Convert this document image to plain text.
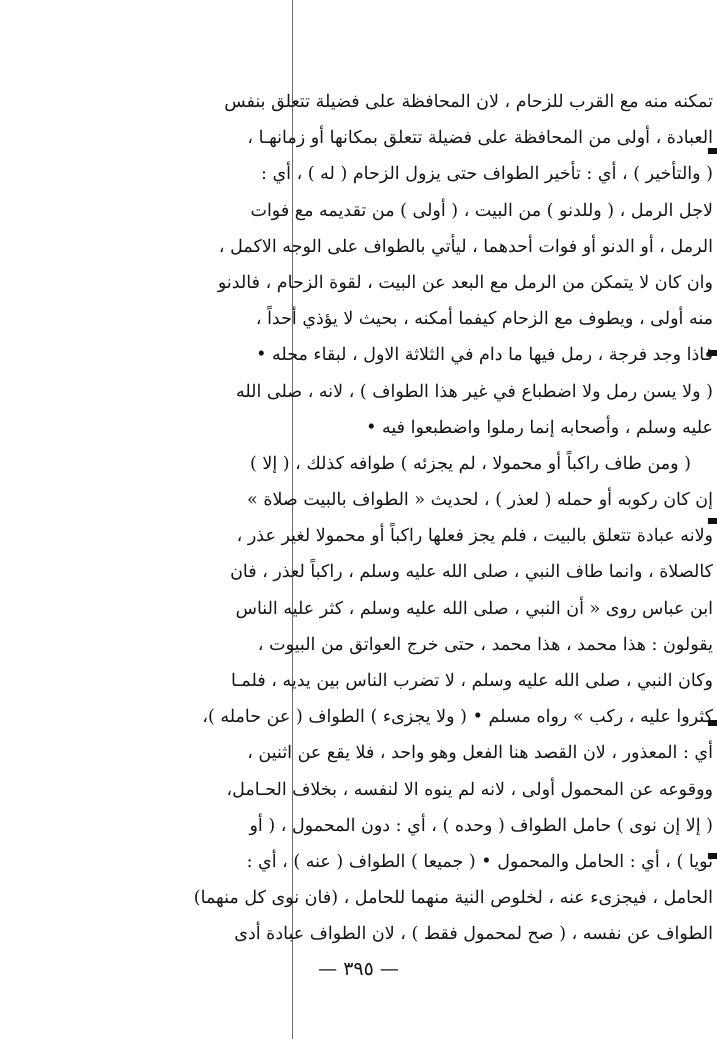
تمكنه منه مع القرب للزحام ، لان المحافظة على فضيلة تتعلق بنفس
العبادة ، أولى من المحافظة على فضيلة تتعلق بمكانها أو زمانهـا ،
( والتأخير ) ، أي : تأخير الطواف حتى يزول الزحام ( له ) ، أي :
لاجل الرمل ، ( وللدنو ) من البيت ، ( أولى ) من تقديمه مع فوات
الرمل ، أو الدنو أو فوات أحدهما ، ليأتي بالطواف على الوجه الاكمل ،
وان كان لا يتمكن من الرمل مع البعد عن البيت ، لقوة الزحام ، فالدنو
منه أولى ، ويطوف مع الزحام كيفما أمكنه ، بحيث لا يؤذي أحداً ،
فاذا وجد فرجة ، رمل فيها ما دام في الثلاثة الاول ، لبقاء محله •
( ولا يسن رمل ولا اضطباع في غير هذا الطواف ) ، لانه ، صلى الله
عليه وسلم ، وأصحابه إنما رملوا واضطبعوا فيه •
( ومن طاف راكباً أو محمولا ، لم يجزئه ) طوافه كذلك ، ( إلا )
إن كان ركوبه أو حمله ( لعذر ) ، لحديث « الطواف بالبيت صلاة »
ولانه عبادة تتعلق بالبيت ، فلم يجز فعلها راكباً أو محمولا لغير عذر ،
كالصلاة ، وانما طاف النبي ، صلى الله عليه وسلم ، راكباً لعذر ، فان
ابن عباس روى « أن النبي ، صلى الله عليه وسلم ، كثر عليه الناس
يقولون : هذا محمد ، هذا محمد ، حتى خرج العواتق من البيوت ،
وكان النبي ، صلى الله عليه وسلم ، لا تضرب الناس بين يديه ، فلمـا
كثروا عليه ، ركب » رواه مسلم • ( ولا يجزىء ) الطواف ( عن حامله )،
أي : المعذور ، لان القصد هنا الفعل وهو واحد ، فلا يقع عن اثنين ،
ووقوعه عن المحمول أولى ، لانه لم ينوه الا لنفسه ، بخلاف الحـامل،
( إلا إن نوى ) حامل الطواف ( وحده ) ، أي : دون المحمول ، ( أو
نويا ) ، أي : الحامل والمحمول • ( جميعا ) الطواف ( عنه ) ، أي :
الحامل ، فيجزىء عنه ، لخلوص النية منهما للحامل ، (فان نوى كل منهما)
الطواف عن نفسه ، ( صح لمحمول فقط ) ، لان الطواف عبادة أدى
— ٣٩٥ —
